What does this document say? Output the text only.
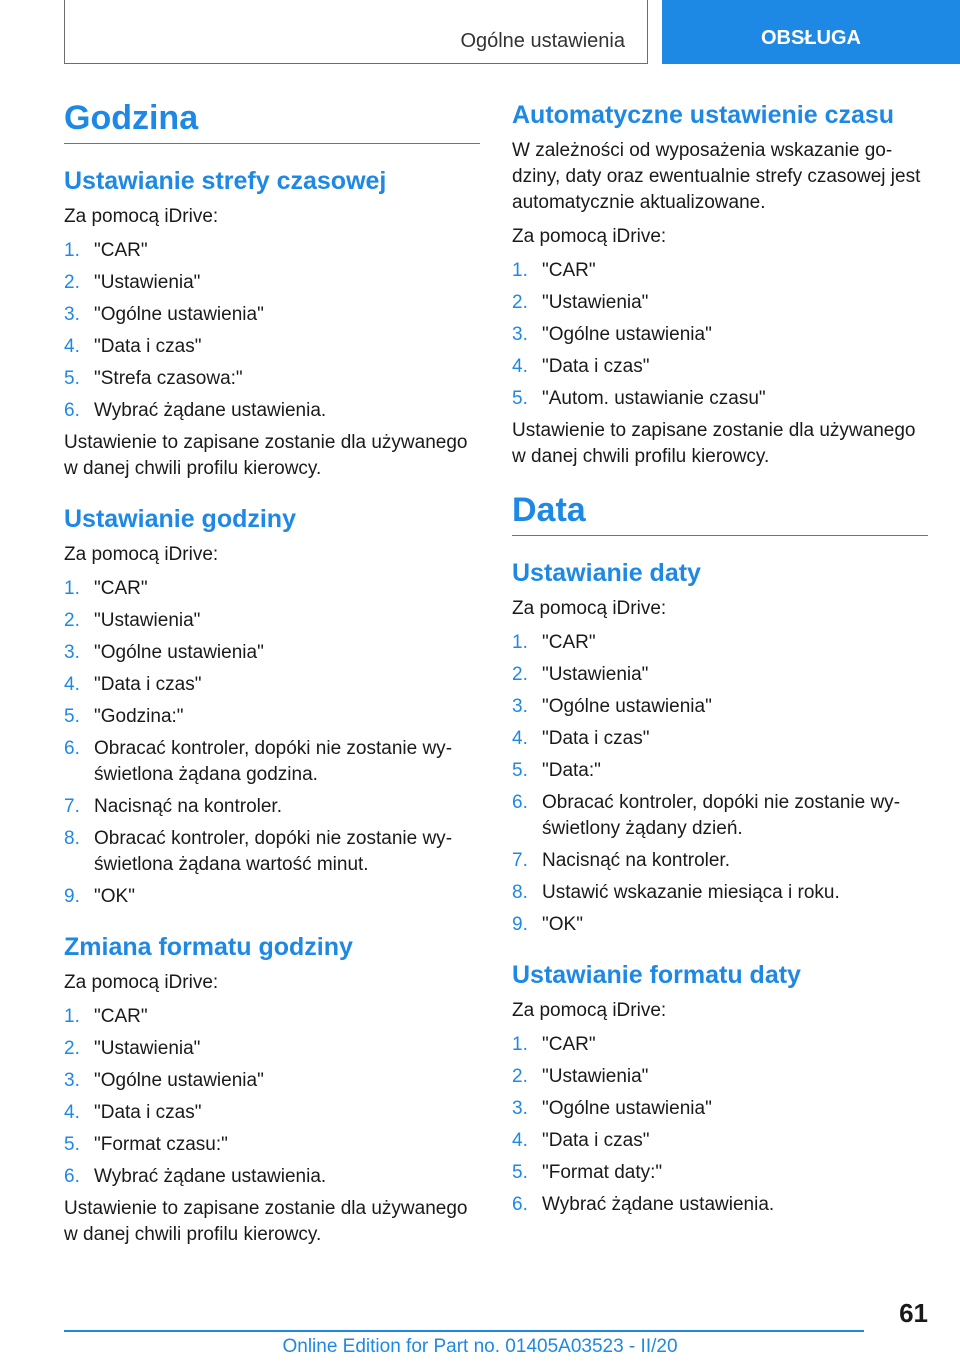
Ogólne ustawienia	OBSŁUGA
Godzina
Ustawianie strefy czasowej

Za pomocą iDrive:

1. "CAR"
2. "Ustawienia"
3. "Ogólne ustawienia"
4. "Data i czas"
5. "Strefa czasowa:"
6. Wybrać żądane ustawienia.

Ustawienie to zapisane zostanie dla używanego w danej chwili profilu kierowcy.

Ustawianie godziny

Za pomocą iDrive:

1. "CAR"
2. "Ustawienia"
3. "Ogólne ustawienia"
4. "Data i czas"
5. "Godzina:"
6. Obracać kontroler, dopóki nie zostanie wyświetlona żądana godzina.
7. Nacisnąć na kontroler.
8. Obracać kontroler, dopóki nie zostanie wyświetlona żądana wartość minut.
9. "OK"
Zmiana formatu godziny

Za pomocą iDrive:

1. "CAR"
2. "Ustawienia"
3. "Ogólne ustawienia"
4. "Data i czas"
5. "Format czasu:"
6. Wybrać żądane ustawienia.

Ustawienie to zapisane zostanie dla używanego w danej chwili profilu kierowcy.

Automatyczne ustawienie czasu

W zależności od wyposażenia wskazanie godziny, daty oraz ewentualnie strefy czasowej jest automatycznie aktualizowane.

Za pomocą iDrive:

1. "CAR"
2. "Ustawienia"
3. "Ogólne ustawienia"
4. "Data i czas"
5. "Autom. ustawianie czasu"

Ustawienie to zapisane zostanie dla używanego w danej chwili profilu kierowcy.

Data
Ustawianie daty

Za pomocą iDrive:

1. "CAR"
2. "Ustawienia"
3. "Ogólne ustawienia"
4. "Data i czas"
5. "Data:"
6. Obracać kontroler, dopóki nie zostanie wyświetlony żądany dzień.
7. Nacisnąć na kontroler.
8. Ustawić wskazanie miesiąca i roku.
9. "OK"
Ustawianie formatu daty

Za pomocą iDrive:

1. "CAR"
2. "Ustawienia"
3. "Ogólne ustawienia"
4. "Data i czas"
5. "Format daty:"
6. Wybrać żądane ustawienia.
61
Online Edition for Part no. 01405A03523 - II/20
